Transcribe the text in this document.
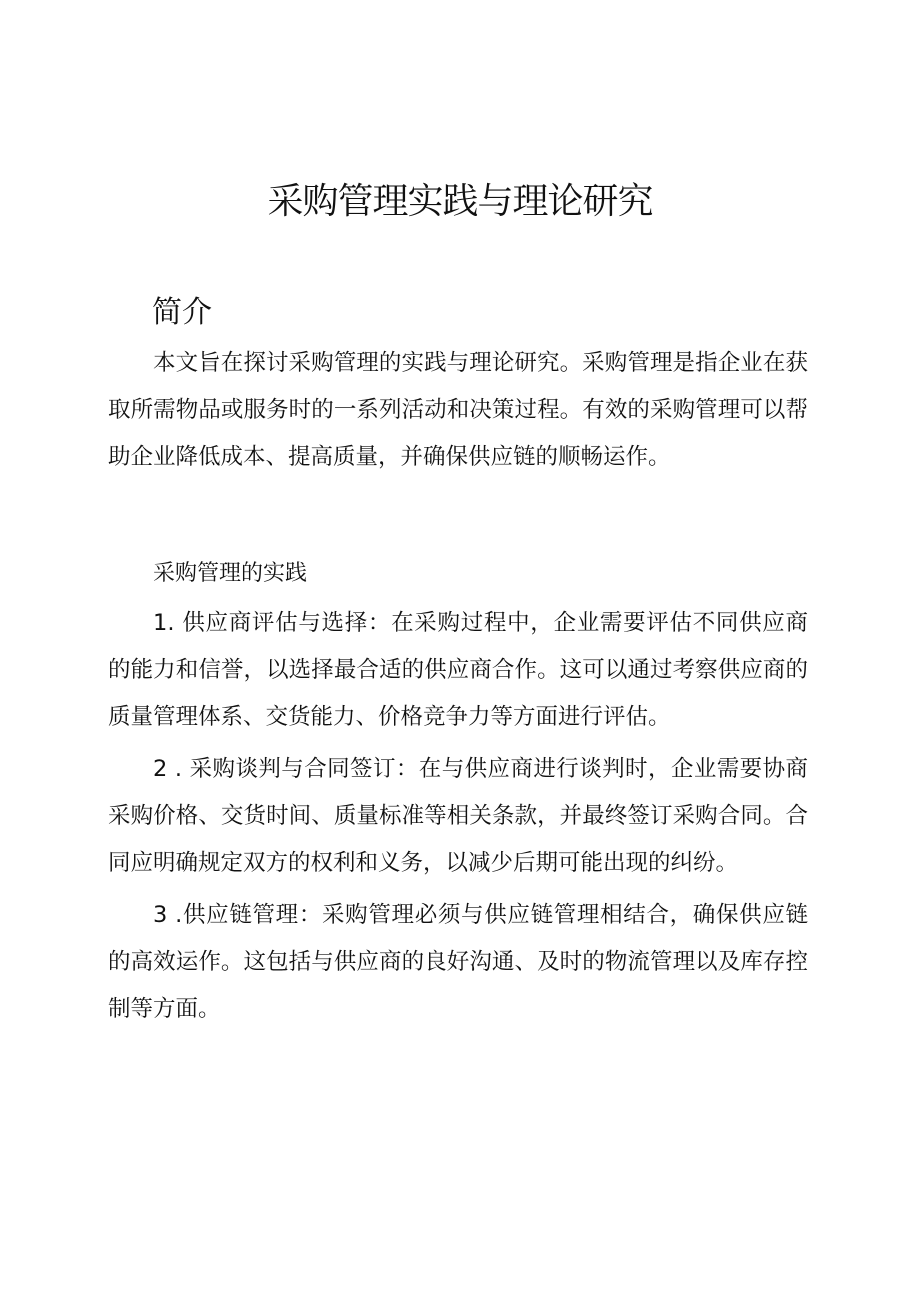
采购管理实践与理论研究
简介

本文旨在探讨采购管理的实践与理论研究。采购管理是指企业在获取所需物品或服务时的一系列活动和决策过程。有效的采购管理可以帮助企业降低成本、提高质量，并确保供应链的顺畅运作。

采购管理的实践

1. 供应商评估与选择：在采购过程中，企业需要评估不同供应商的能力和信誉，以选择最合适的供应商合作。这可以通过考察供应商的质量管理体系、交货能力、价格竞争力等方面进行评估。

2 . 采购谈判与合同签订：在与供应商进行谈判时，企业需要协商采购价格、交货时间、质量标准等相关条款，并最终签订采购合同。合同应明确规定双方的权利和义务，以减少后期可能出现的纠纷。

3 .供应链管理：采购管理必须与供应链管理相结合，确保供应链的高效运作。这包括与供应商的良好沟通、及时的物流管理以及库存控制等方面。
